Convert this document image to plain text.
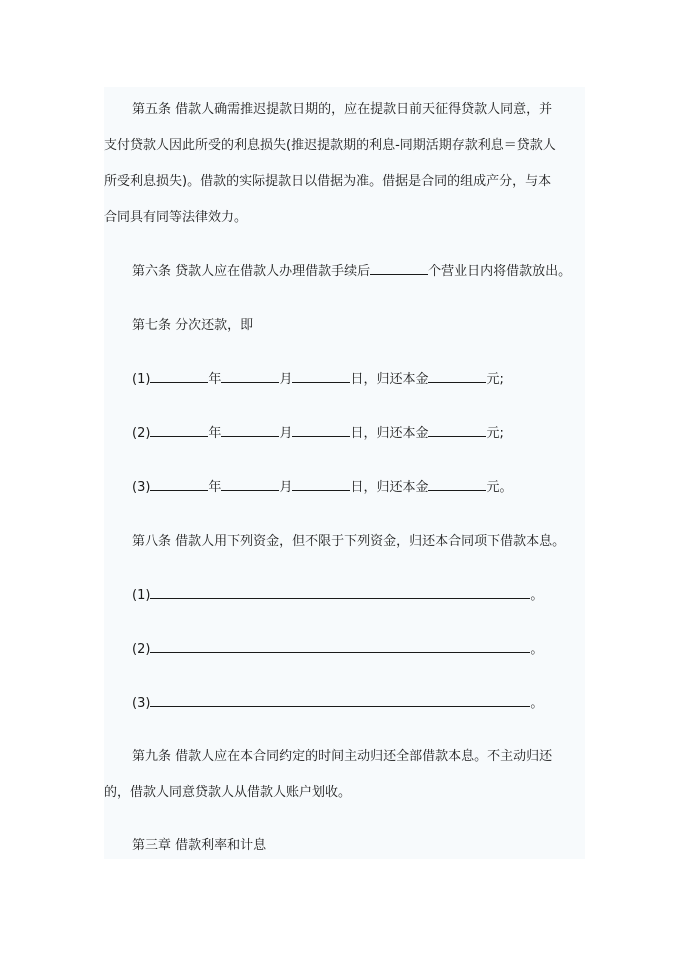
第五条 借款人确需推迟提款日期的，应在提款日前天征得贷款人同意，并
支付贷款人因此所受的利息损失(推迟提款期的利息-同期活期存款利息＝贷款人
所受利息损失)。借款的实际提款日以借据为准。借据是合同的组成产分，与本
合同具有同等法律效力。
第六条 贷款人应在借款人办理借款手续后	个营业日内将借款放出。
第七条 分次还款，即
(1)	年	月	日，归还本金	元;
(2)	年	月	日，归还本金	元;
(3)	年	月	日，归还本金	元。
第八条 借款人用下列资金，但不限于下列资金，归还本合同项下借款本息。
(1)	。
(2)	。
(3)	。
第九条 借款人应在本合同约定的时间主动归还全部借款本息。不主动归还
的，借款人同意贷款人从借款人账户划收。
第三章 借款利率和计息
